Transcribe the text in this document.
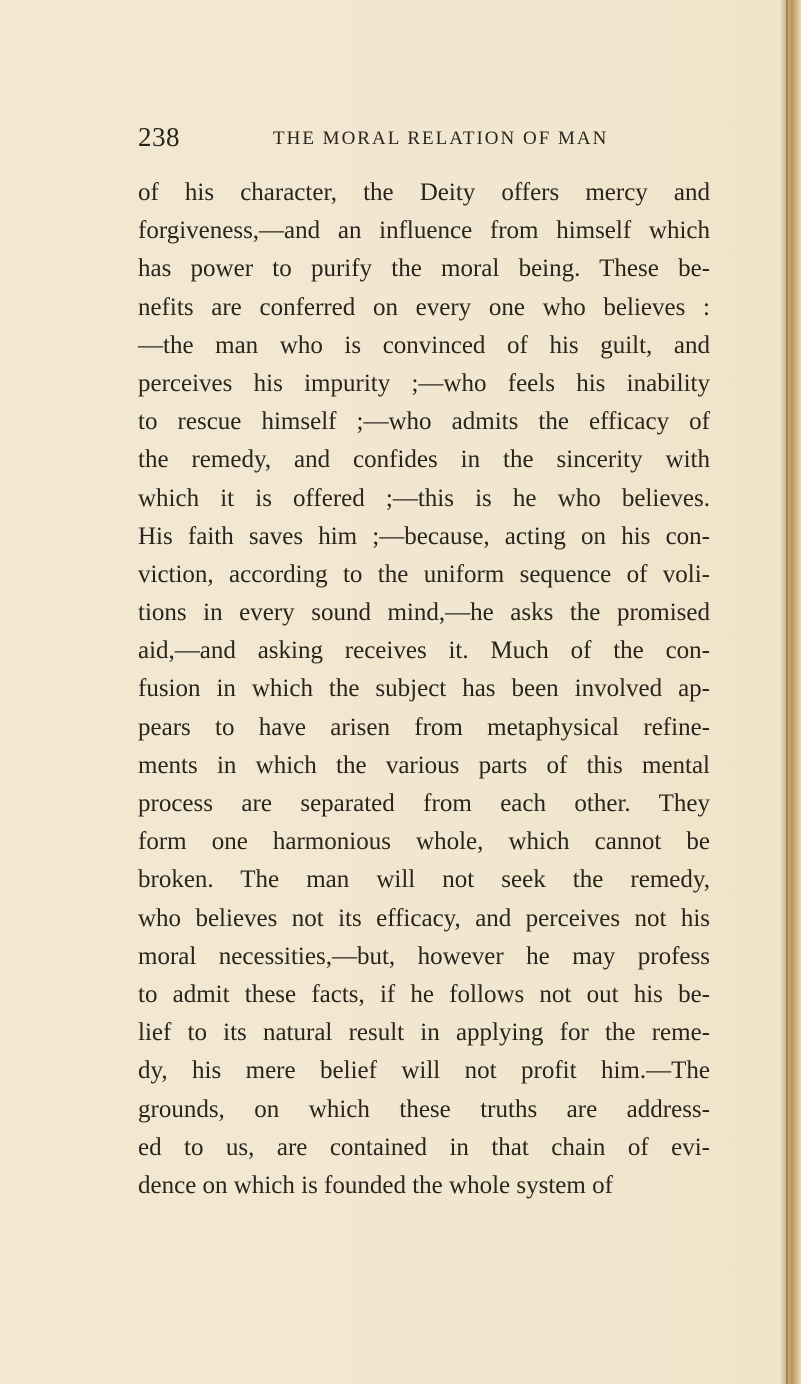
238	THE MORAL RELATION OF MAN
of his character, the Deity offers mercy and
forgiveness,—and an influence from himself which
has power to purify the moral being. These be-
nefits are conferred on every one who believes :
—the man who is convinced of his guilt, and
perceives his impurity ;—who feels his inability
to rescue himself ;—who admits the efficacy of
the remedy, and confides in the sincerity with
which it is offered ;—this is he who believes.
His faith saves him ;—because, acting on his con-
viction, according to the uniform sequence of voli-
tions in every sound mind,—he asks the promised
aid,—and asking receives it. Much of the con-
fusion in which the subject has been involved ap-
pears to have arisen from metaphysical refine-
ments in which the various parts of this mental
process are separated from each other. They
form one harmonious whole, which cannot be
broken. The man will not seek the remedy,
who believes not its efficacy, and perceives not his
moral necessities,—but, however he may profess
to admit these facts, if he follows not out his be-
lief to its natural result in applying for the reme-
dy, his mere belief will not profit him.—The
grounds, on which these truths are address-
ed to us, are contained in that chain of evi-
dence on which is founded the whole system of
